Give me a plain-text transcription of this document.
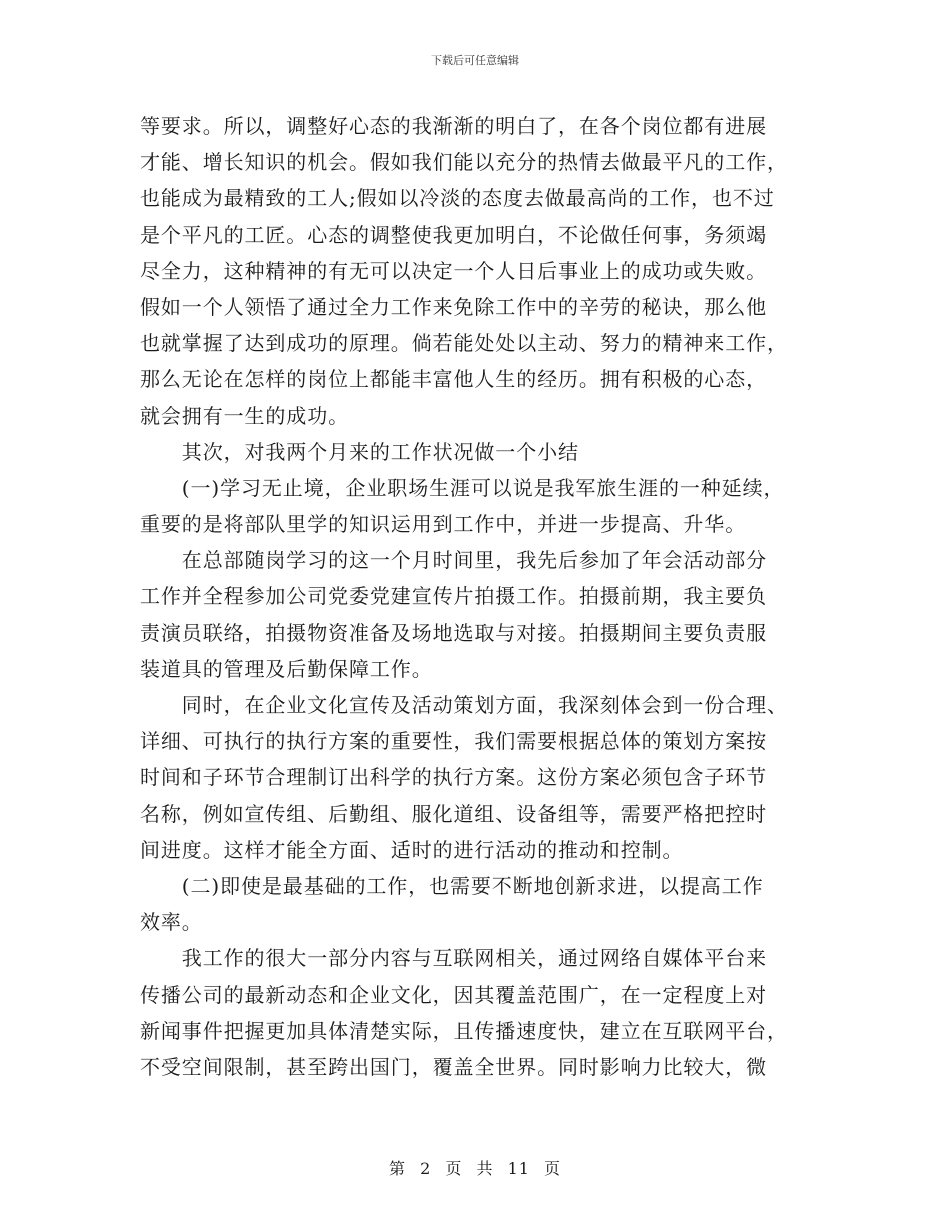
下载后可任意编辑
等要求。所以，调整好心态的我渐渐的明白了，在各个岗位都有进展
才能、增长知识的机会。假如我们能以充分的热情去做最平凡的工作，
也能成为最精致的工人;假如以冷淡的态度去做最高尚的工作，也不过
是个平凡的工匠。心态的调整使我更加明白，不论做任何事，务须竭
尽全力，这种精神的有无可以决定一个人日后事业上的成功或失败。
假如一个人领悟了通过全力工作来免除工作中的辛劳的秘诀，那么他
也就掌握了达到成功的原理。倘若能处处以主动、努力的精神来工作，
那么无论在怎样的岗位上都能丰富他人生的经历。拥有积极的心态，
就会拥有一生的成功。
　　其次，对我两个月来的工作状况做一个小结
　　(一)学习无止境，企业职场生涯可以说是我军旅生涯的一种延续，
重要的是将部队里学的知识运用到工作中，并进一步提高、升华。
　　在总部随岗学习的这一个月时间里，我先后参加了年会活动部分
工作并全程参加公司党委党建宣传片拍摄工作。拍摄前期，我主要负
责演员联络，拍摄物资准备及场地选取与对接。拍摄期间主要负责服
装道具的管理及后勤保障工作。
　　同时，在企业文化宣传及活动策划方面，我深刻体会到一份合理、
详细、可执行的执行方案的重要性，我们需要根据总体的策划方案按
时间和子环节合理制订出科学的执行方案。这份方案必须包含子环节
名称，例如宣传组、后勤组、服化道组、设备组等，需要严格把控时
间进度。这样才能全方面、适时的进行活动的推动和控制。
　　(二)即使是最基础的工作，也需要不断地创新求进，以提高工作
效率。
　　我工作的很大一部分内容与互联网相关，通过网络自媒体平台来
传播公司的最新动态和企业文化，因其覆盖范围广，在一定程度上对
新闻事件把握更加具体清楚实际，且传播速度快，建立在互联网平台，
不受空间限制，甚至跨出国门，覆盖全世界。同时影响力比较大，微
第 2 页 共 11 页
